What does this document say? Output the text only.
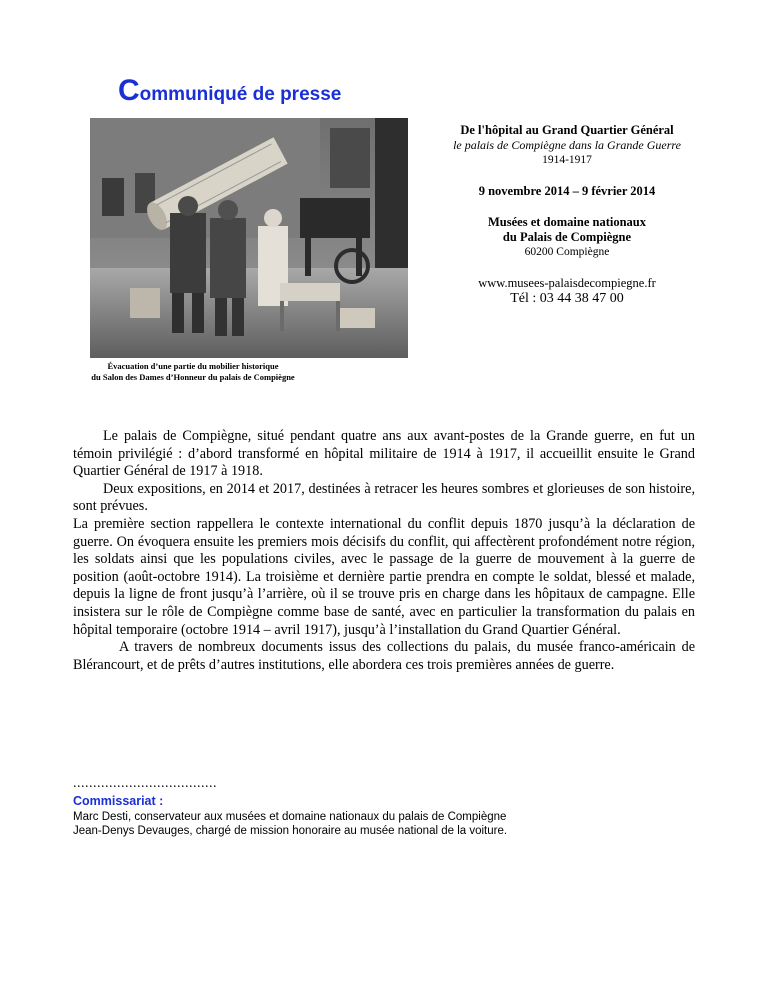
Communiqué de presse
Évacuation d’une partie du mobilier historique
du Salon des Dames d’Honneur du palais de Compiègne
De l'hôpital au Grand Quartier Général
le palais de Compiègne dans la Grande Guerre
1914-1917
9 novembre 2014 – 9 février 2014
Musées et domaine nationaux
du Palais de Compiègne
60200 Compiègne
www.musees-palaisdecompiegne.fr
Tél : 03 44 38 47 00

Le palais de Compiègne, situé pendant quatre ans aux avant-postes de la Grande guerre, en fut un témoin privilégié : d’abord transformé en hôpital militaire de 1914 à 1917, il accueillit ensuite le Grand Quartier Général de 1917 à 1918.

Deux expositions, en 2014 et 2017, destinées à retracer les heures sombres et glorieuses de son histoire, sont prévues.

La première section rappellera le contexte international du conflit depuis 1870 jusqu’à la déclaration de guerre. On évoquera ensuite les premiers mois décisifs du conflit, qui affectèrent profondément notre région, les soldats ainsi que les populations civiles, avec le passage de la guerre de mouvement à la guerre de position (août-octobre 1914). La troisième et dernière partie prendra en compte le soldat, blessé et malade, depuis la ligne de front jusqu’à l’arrière, où il se trouve pris en charge dans les hôpitaux de campagne. Elle insistera sur le rôle de Compiègne comme base de santé, avec en particulier la transformation du palais en hôpital temporaire (octobre 1914 – avril 1917), jusqu’à l’installation du Grand Quartier Général.

A travers de nombreux documents issus des collections du palais, du musée franco-américain de Blérancourt, et de prêts d’autres institutions, elle abordera ces trois premières années de guerre.

....................................
Commissariat :
Marc Desti, conservateur aux musées et domaine nationaux du palais de Compiègne
Jean-Denys Devauges, chargé de mission honoraire au musée national de la voiture.
